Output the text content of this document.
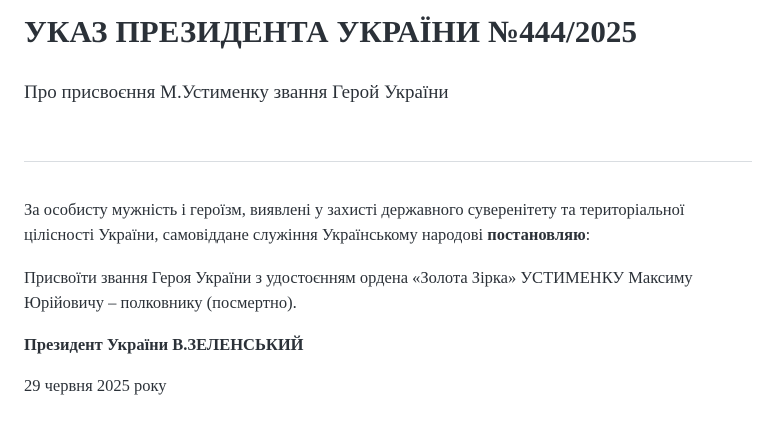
УКАЗ ПРЕЗИДЕНТА УКРАЇНИ №444/2025
Про присвоєння М.Устименку звання Герой України

За особисту мужність і героїзм, виявлені у захисті державного суверенітету та територіальної цілісності України, самовіддане служіння Українському народові постановляю:

Присвоїти звання Героя України з удостоєнням ордена «Золота Зірка» УСТИМЕНКУ Максиму Юрійовичу – полковнику (посмертно).

Президент України В.ЗЕЛЕНСЬКИЙ

29 червня 2025 року
